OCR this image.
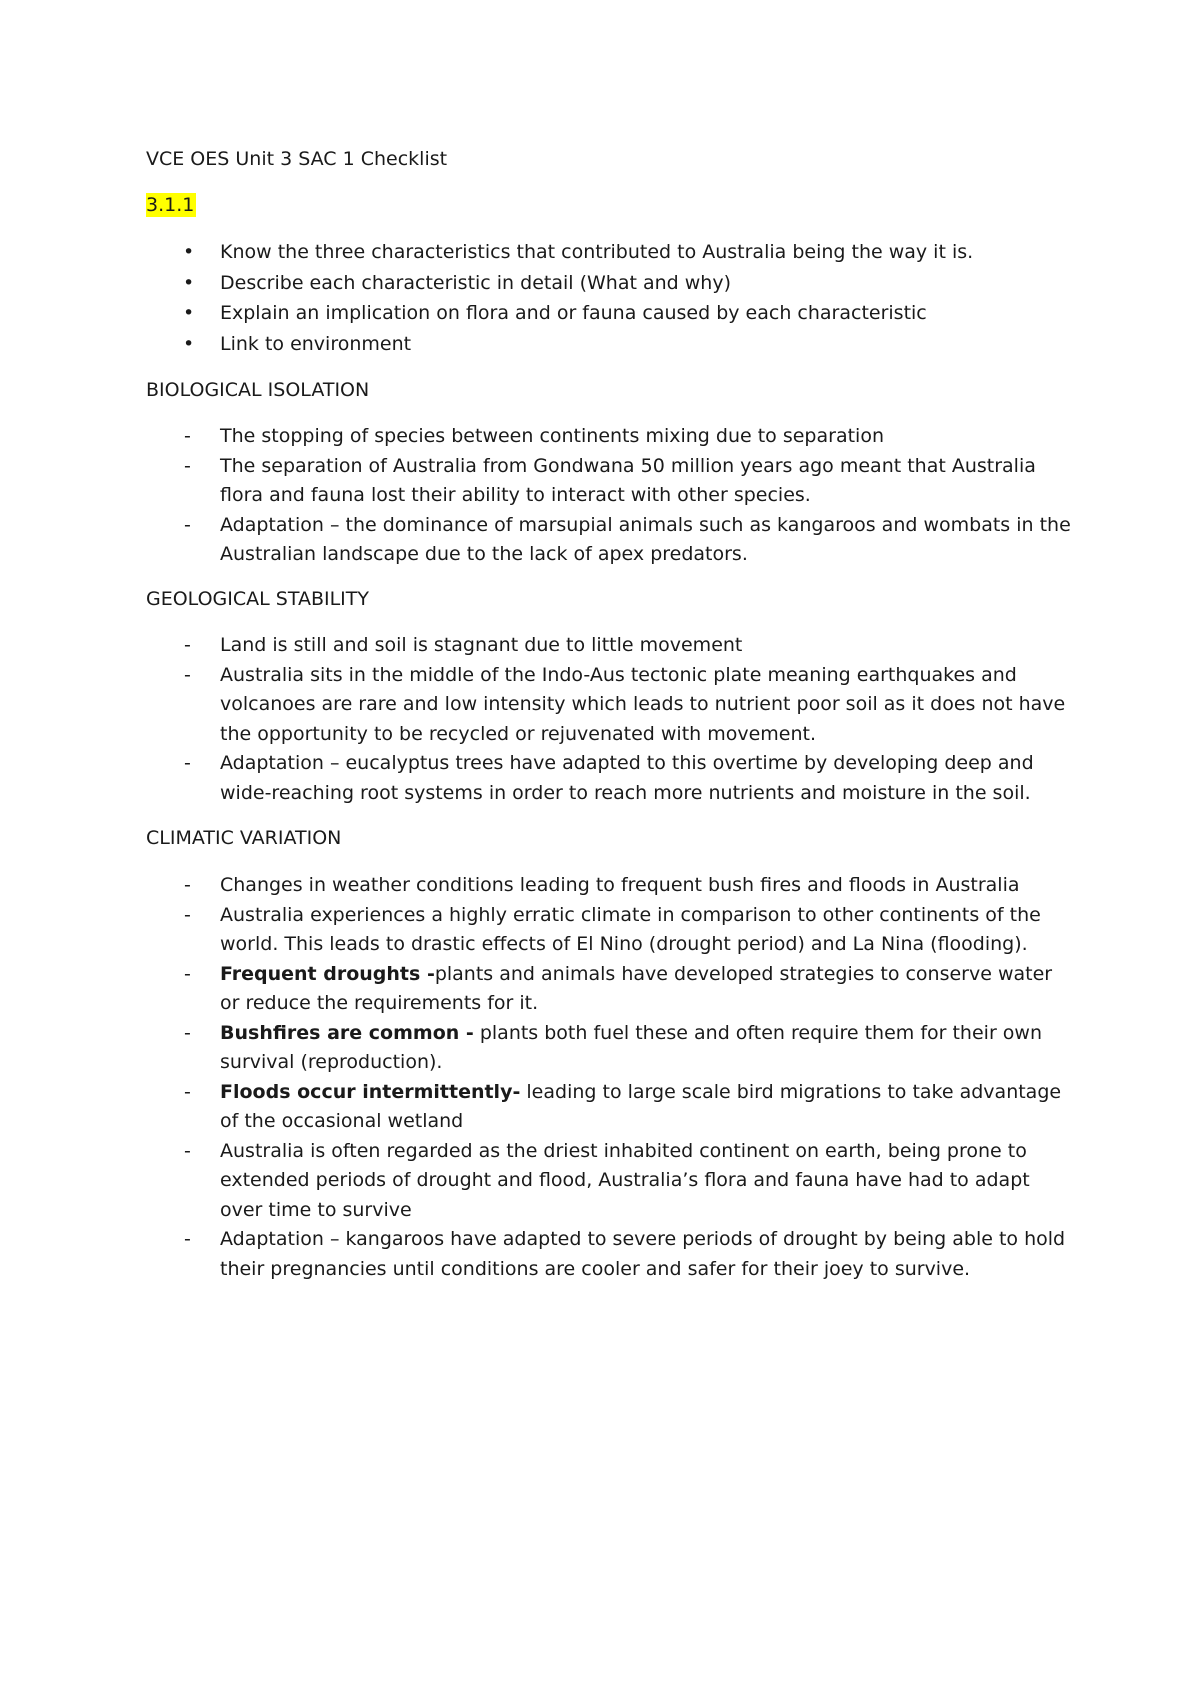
VCE OES Unit 3 SAC 1 Checklist
3.1.1
• Know the three characteristics that contributed to Australia being the way it is.
• Describe each characteristic in detail (What and why)
• Explain an implication on flora and or fauna caused by each characteristic
• Link to environment
BIOLOGICAL ISOLATION
- The stopping of species between continents mixing due to separation
- The separation of Australia from Gondwana 50 million years ago meant that Australia flora and fauna lost their ability to interact with other species.
- Adaptation – the dominance of marsupial animals such as kangaroos and wombats in the Australian landscape due to the lack of apex predators.
GEOLOGICAL STABILITY
- Land is still and soil is stagnant due to little movement
- Australia sits in the middle of the Indo-Aus tectonic plate meaning earthquakes and volcanoes are rare and low intensity which leads to nutrient poor soil as it does not have the opportunity to be recycled or rejuvenated with movement.
- Adaptation – eucalyptus trees have adapted to this overtime by developing deep and wide-reaching root systems in order to reach more nutrients and moisture in the soil.
CLIMATIC VARIATION
- Changes in weather conditions leading to frequent bush fires and floods in Australia
- Australia experiences a highly erratic climate in comparison to other continents of the world. This leads to drastic effects of El Nino (drought period) and La Nina (flooding).
- Frequent droughts -plants and animals have developed strategies to conserve water or reduce the requirements for it.
- Bushfires are common - plants both fuel these and often require them for their own survival (reproduction).
- Floods occur intermittently- leading to large scale bird migrations to take advantage of the occasional wetland
- Australia is often regarded as the driest inhabited continent on earth, being prone to extended periods of drought and flood, Australia’s flora and fauna have had to adapt over time to survive
- Adaptation – kangaroos have adapted to severe periods of drought by being able to hold their pregnancies until conditions are cooler and safer for their joey to survive.
